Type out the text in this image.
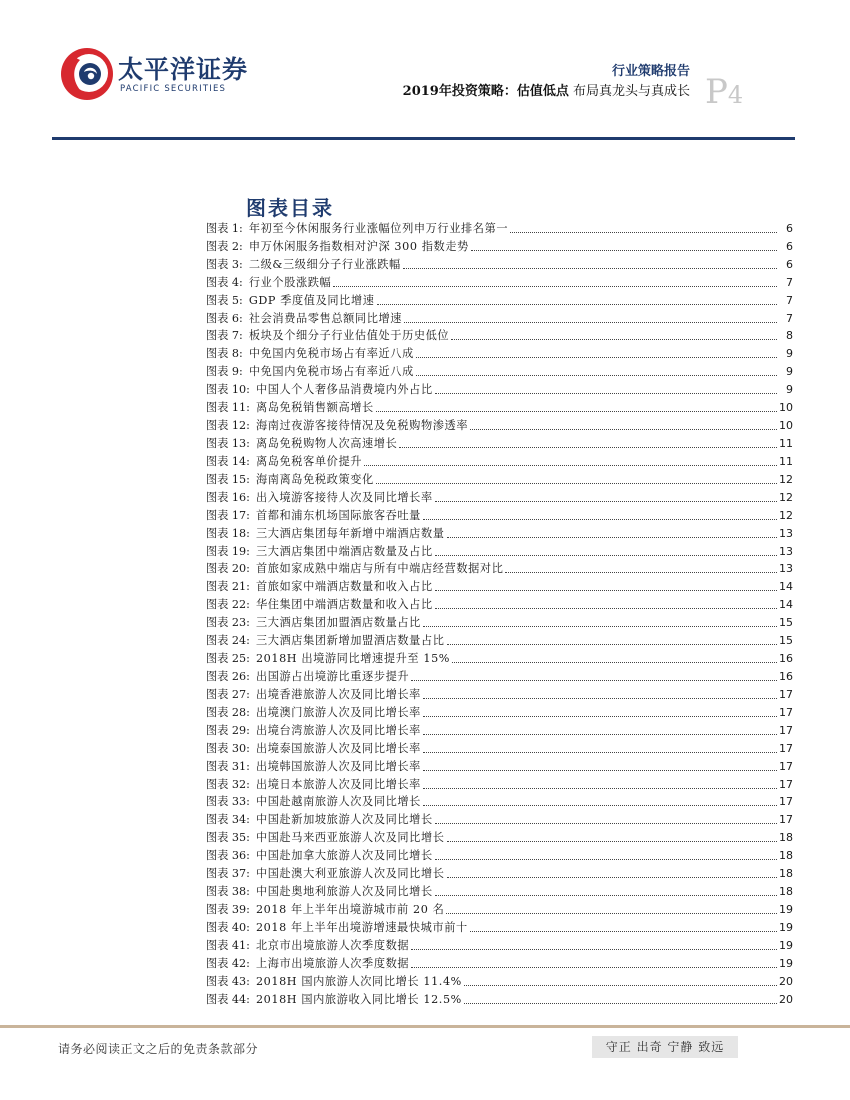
太平洋证券
PACIFIC SECURITIES
行业策略报告
2019年投资策略：估值低点 布局真龙头与真成长 P4
图表目录
图表 1: 年初至今休闲服务行业涨幅位列申万行业排名第一	6
图表 2: 申万休闲服务指数相对沪深 300 指数走势	6
图表 3: 二级&三级细分子行业涨跌幅	6
图表 4: 行业个股涨跌幅	7
图表 5: GDP 季度值及同比增速	7
图表 6: 社会消费品零售总额同比增速	7
图表 7: 板块及个细分子行业估值处于历史低位	8
图表 8: 中免国内免税市场占有率近八成	9
图表 9: 中免国内免税市场占有率近八成	9
图表 10: 中国人个人奢侈品消费境内外占比	9
图表 11: 离岛免税销售额高增长	10
图表 12: 海南过夜游客接待情况及免税购物渗透率	10
图表 13: 离岛免税购物人次高速增长	11
图表 14: 离岛免税客单价提升	11
图表 15: 海南离岛免税政策变化	12
图表 16: 出入境游客接待人次及同比增长率	12
图表 17: 首都和浦东机场国际旅客吞吐量	12
图表 18: 三大酒店集团每年新增中端酒店数量	13
图表 19: 三大酒店集团中端酒店数量及占比	13
图表 20: 首旅如家成熟中端店与所有中端店经营数据对比	13
图表 21: 首旅如家中端酒店数量和收入占比	14
图表 22: 华住集团中端酒店数量和收入占比	14
图表 23: 三大酒店集团加盟酒店数量占比	15
图表 24: 三大酒店集团新增加盟酒店数量占比	15
图表 25: 2018H 出境游同比增速提升至 15%	16
图表 26: 出国游占出境游比重逐步提升	16
图表 27: 出境香港旅游人次及同比增长率	17
图表 28: 出境澳门旅游人次及同比增长率	17
图表 29: 出境台湾旅游人次及同比增长率	17
图表 30: 出境泰国旅游人次及同比增长率	17
图表 31: 出境韩国旅游人次及同比增长率	17
图表 32: 出境日本旅游人次及同比增长率	17
图表 33: 中国赴越南旅游人次及同比增长	17
图表 34: 中国赴新加坡旅游人次及同比增长	17
图表 35: 中国赴马来西亚旅游人次及同比增长	18
图表 36: 中国赴加拿大旅游人次及同比增长	18
图表 37: 中国赴澳大利亚旅游人次及同比增长	18
图表 38: 中国赴奥地利旅游人次及同比增长	18
图表 39: 2018 年上半年出境游城市前 20 名	19
图表 40: 2018 年上半年出境游增速最快城市前十	19
图表 41: 北京市出境旅游人次季度数据	19
图表 42: 上海市出境旅游人次季度数据	19
图表 43: 2018H 国内旅游人次同比增长 11.4%	20
图表 44: 2018H 国内旅游收入同比增长 12.5%	20
请务必阅读正文之后的免责条款部分	守正 出奇 宁静 致远
